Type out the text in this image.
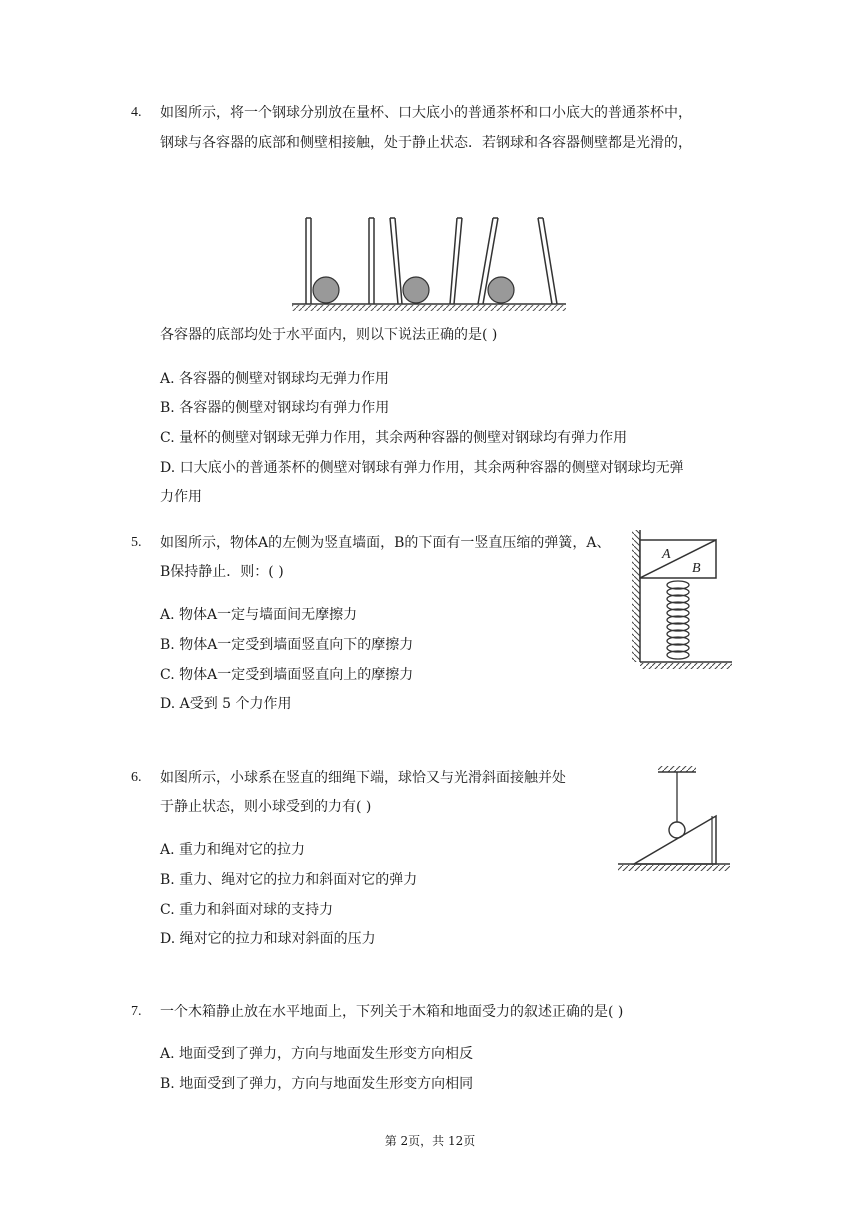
4. 如图所示，将一个钢球分别放在量杯、口大底小的普通茶杯和口小底大的普通茶杯中，
钢球与各容器的底部和侧壁相接触，处于静止状态．若钢球和各容器侧壁都是光滑的，
各容器的底部均处于水平面内，则以下说法正确的是( )
A. 各容器的侧壁对钢球均无弹力作用
B. 各容器的侧壁对钢球均有弹力作用
C. 量杯的侧壁对钢球无弹力作用，其余两种容器的侧壁对钢球均有弹力作用
D. 口大底小的普通茶杯的侧壁对钢球有弹力作用，其余两种容器的侧壁对钢球均无弹
力作用
5. 如图所示，物体A的左侧为竖直墙面，B的下面有一竖直压缩的弹簧，A、
B保持静止．则：( )
A. 物体A一定与墙面间无摩擦力
B. 物体A一定受到墙面竖直向下的摩擦力
C. 物体A一定受到墙面竖直向上的摩擦力
D. A受到 5 个力作用
A
B
6. 如图所示，小球系在竖直的细绳下端，球恰又与光滑斜面接触并处
于静止状态，则小球受到的力有( )
A. 重力和绳对它的拉力
B. 重力、绳对它的拉力和斜面对它的弹力
C. 重力和斜面对球的支持力
D. 绳对它的拉力和球对斜面的压力
7. 一个木箱静止放在水平地面上，下列关于木箱和地面受力的叙述正确的是( )
A. 地面受到了弹力，方向与地面发生形变方向相反
B. 地面受到了弹力，方向与地面发生形变方向相同
第 2页，共 12页
